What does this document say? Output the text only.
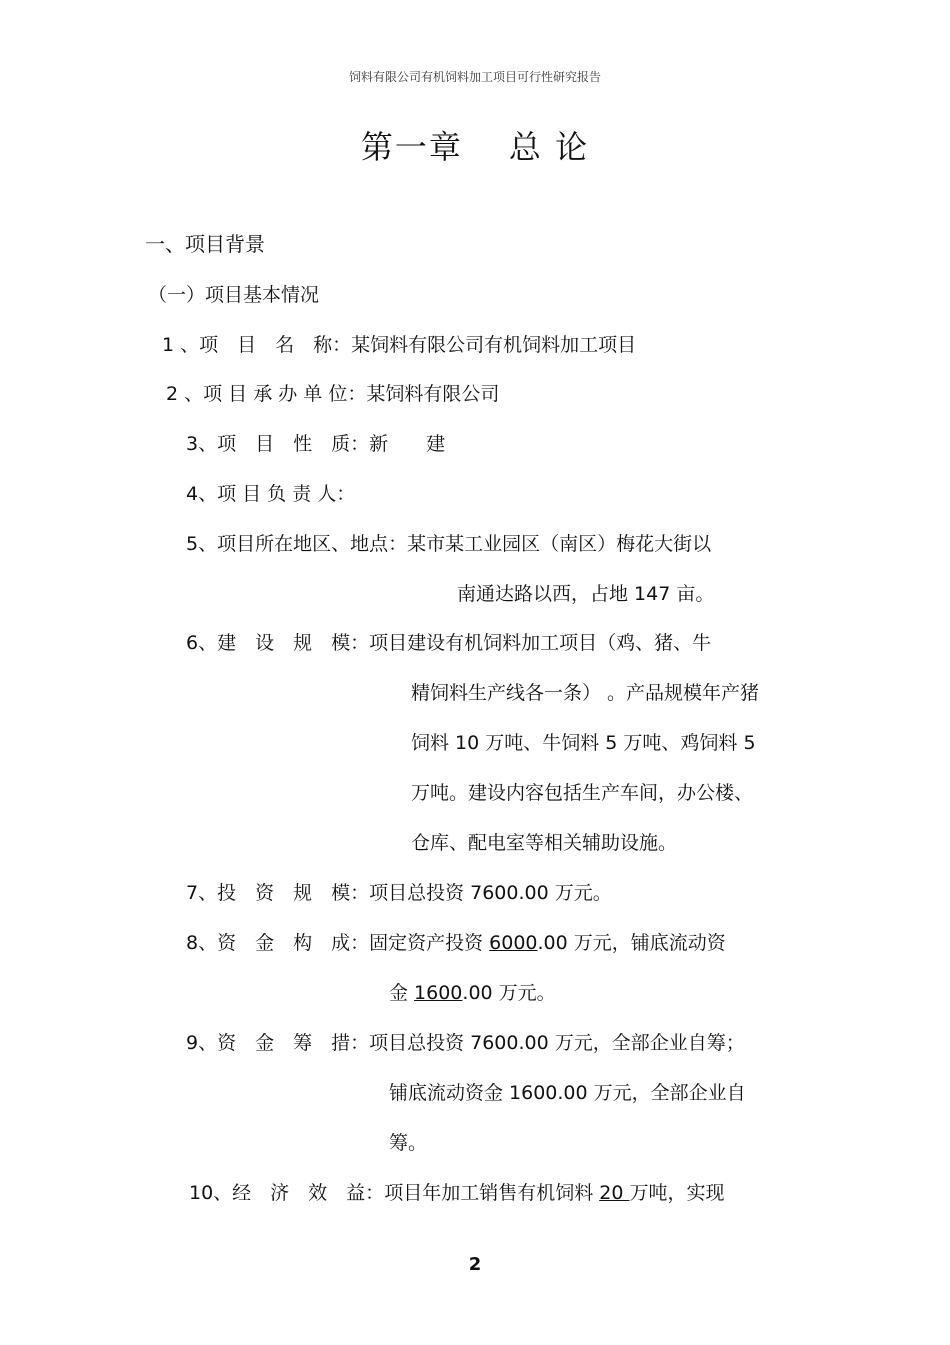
饲料有限公司有机饲料加工项目可行性研究报告
第一章 总 论
一、项目背景
（一）项目基本情况
1 、项　目　名　称：某饲料有限公司有机饲料加工项目
2 、项 目 承 办 单 位：某饲料有限公司
3、项　目　性　质：新　　建
4、项 目 负 责 人：
5、项目所在地区、地点：某市某工业园区（南区）梅花大街以
南通达路以西，占地 147 亩。
6、建　设　规　模：项目建设有机饲料加工项目（鸡、猪、牛
精饲料生产线各一条） 。产品规模年产猪
饲料 10 万吨、牛饲料 5 万吨、鸡饲料 5
万吨。建设内容包括生产车间，办公楼、
仓库、配电室等相关辅助设施。
7、投　资　规　模：项目总投资 7600.00 万元。
8、资　金　构　成：固定资产投资 6000.00 万元，铺底流动资
金 1600.00 万元。
9、资　金　筹　措：项目总投资 7600.00 万元，全部企业自筹；
铺底流动资金 1600.00 万元，全部企业自
筹。
10、经　济　效　益：项目年加工销售有机饲料 20 万吨，实现
2
